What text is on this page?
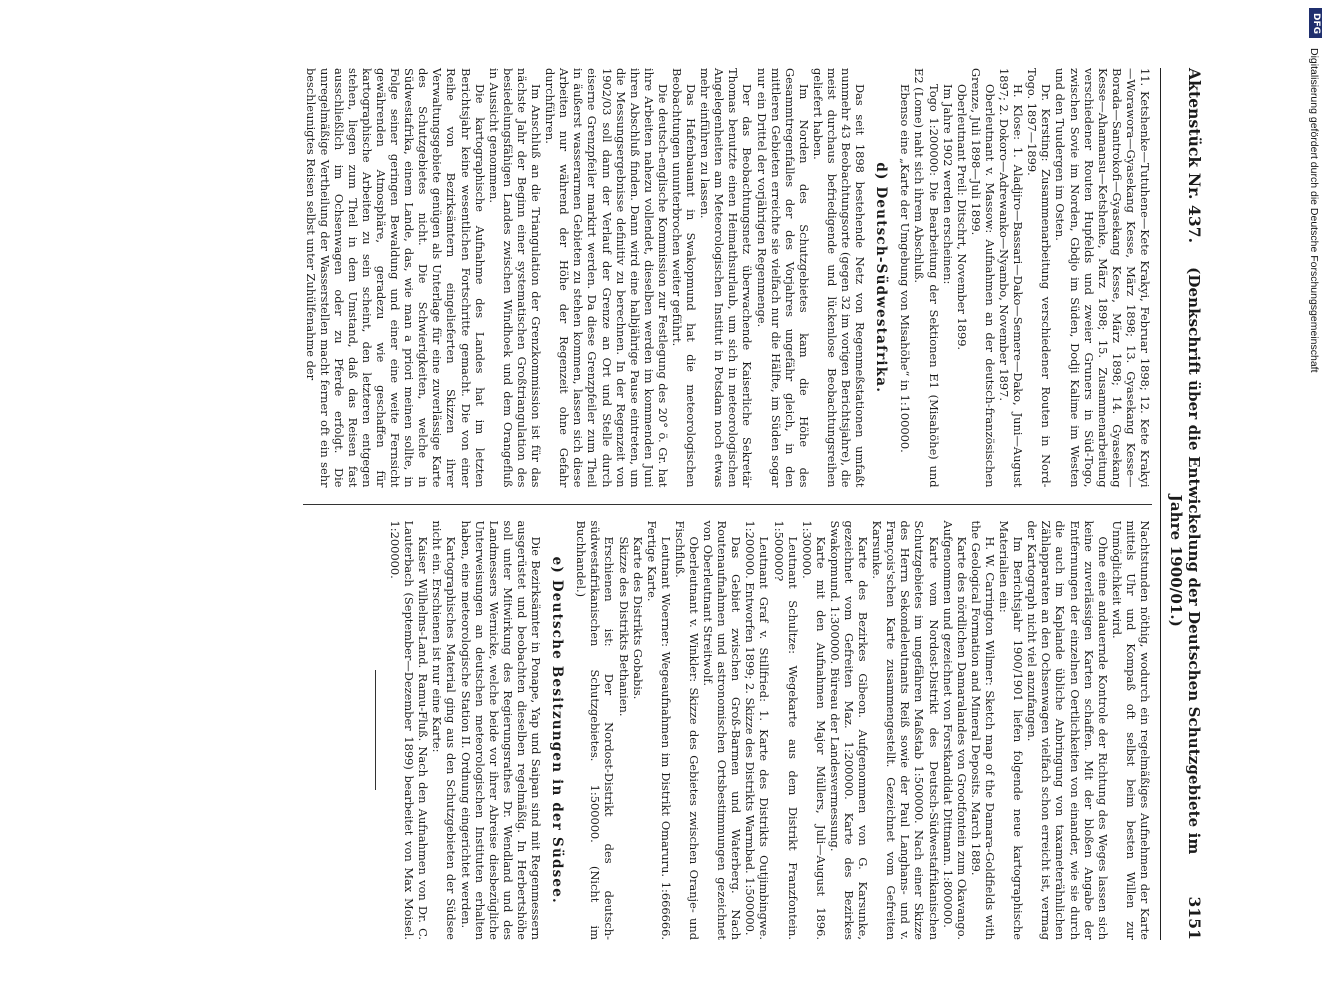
Aktenstück Nr. 437.
(Denkschrift über die Entwickelung der Deutschen Schutzgebiete im Jahre 1900/01.)
3151

11. Ketshenke—Tutuhene—Kete Krakyi, Februar 1898; 12. Kete Krakyi—Worawora—Gyasekang Kesse, März 1898; 13. Gyasekang Kesse—Borada—Santrokofi—Gyasekang Kesse, März 1898; 14. Gyasekang Kesse—Ahamansu—Ketshenke, März 1898; 15. Zusammenarbeitung verschiedener Routen Hupfelds und zweier Gruners in Süd-Togo, zwischen Sovie im Norden, Gbdjo im Süden, Dodji Kalime im Westen und den Tuudergen im Osten.

Dr. Kersting: Zusammenarbeitung verschiedener Routen in Nord-Togo. 1897—1899.

H. Klose: 1. Aladjiro—Bassari—Dako—Semere—Dako, Juni—August 1897; 2. Dokoro—Adrewanko—Nyambo, November 1897.

Oberleutnant v. Massow: Aufnahmen an der deutsch-französischen Grenze, Juli 1898—Juli 1899.

Oberleutnant Preil: Ditschrt, November 1899.

Im Jahre 1902 werden erscheinen:

Togo 1:200000: Die Bearbeitung der Sektionen E1 (Misahöhe) und E2 (Lome) naht sich ihrem Abschluß.

Ebenso eine „Karte der Umgebung von Misahöhe“ in 1:100000.

d) Deutsch-Südwestafrika.

Das seit 1898 bestehende Netz von Regenmeßstationen umfaßt nunmehr 43 Beobachtungsorte (gegen 32 im vorigen Berichtsjahre), die meist durchaus befriedigende und lückenlose Beobachtungsreihen geliefert haben.

Im Norden des Schutzgebietes kam die Höhe des Gesammtregenfalles der des Vorjahres ungefähr gleich, in den mittleren Gebieten erreichte sie vielfach nur die Hälfte, im Süden sogar nur ein Drittel der vorjährigen Regenmenge.

Der das Beobachtungsnetz überwachende Kaiserliche Sekretär Thomas benutzte einen Heimathsurlaub, um sich in meteorologischen Angelegenheiten am Meteorologischen Institut in Potsdam noch etwas mehr einführen zu lassen.

Das Hafenbauamt in Swakopmund hat die meteorologischen Beobachtungen ununterbrochen weiter geführt.

Die deutsch-englische Kommission zur Festlegung des 20° ö. Gr. hat ihre Arbeiten nahezu vollendet, dieselben werden im kommenden Juni ihren Abschluß finden. Dann wird eine halbjährige Pause eintreten, um die Messungsergebnisse definitiv zu berechnen. In der Regenzeit von 1902/03 soll dann der Verlauf der Grenze an Ort und Stelle durch eiserne Grenzpfeiler markirt werden. Da diese Grenzpfeiler zum Theil in äußerst wasserarmen Gebieten zu stehen kommen, lassen sich diese Arbeiten nur während der Höhe der Regenzeit ohne Gefahr durchführen.

Im Anschluß an die Triangulation der Grenzkommission ist für das nächste Jahr der Beginn einer systematischen Großtriangulation des besiedelungsfähigen Landes zwischen Windhoek und dem Orangefluß in Aussicht genommen.

Die kartographische Aufnahme des Landes hat im letzten Berichtsjahr keine wesentlichen Fortschritte gemacht. Die von einer Reihe von Bezirksämtern eingelieferten Skizzen ihrer Verwaltungsgebiete genügen als Unterlage für eine zuverlässige Karte des Schutzgebietes nicht. Die Schwierigkeiten, welche in Südwestafrika, einem Lande, das, wie man a priori meinen sollte, in Folge seiner geringen Bewaldung und einer eine weite Fernsicht gewährenden Atmosphäre, geradezu wie geschaffen für kartographische Arbeiten zu sein scheint, den letzteren entgegen stehen, liegen zum Theil in dem Umstand, daß das Reisen fast ausschließlich im Ochsenwagen oder zu Pferde erfolgt. Die unregelmäßige Vertheilung der Wasserstellen macht ferner oft ein sehr beschleunigtes Reisen selbst unter Zuhülfenahme der

Nachtstunden nöthig, wodurch ein regelmäßiges Aufnehmen der Karte mittels Uhr und Kompaß oft selbst beim besten Willen zur Unmöglichkeit wird.

Ohne eine andauernde Kontrole der Richtung des Weges lassen sich keine zuverlässigen Karten schaffen. Mit der bloßen Angabe der Entfernungen der einzelnen Oertlichkeiten von einander, wie sie durch die auch im Kaplande übliche Anbringung von taxameterähnlichen Zählapparaten an den Ochsenwagen vielfach schon erreicht ist, vermag der Kartograph nicht viel anzufangen.

Im Berichtsjahr 1900/1901 liefen folgende neue kartographische Materialien ein:

H. W. Carrington Wilmer: Sketch map of the Damara-Goldfields with the Geological Formation and Mineral Deposits. March 1889.

Karte des nördlichen Damaralandes von Grootfontein zum Okavango. Aufgenommen und gezeichnet von Forstkandidat Dittmann. 1:800000.

Karte vom Nordost-Distrikt des Deutsch-Südwestafrikanischen Schutzgebietes im ungefähren Maßstab 1:500000. Nach einer Skizze des Herrn Sekondeleutnants Reiß sowie der Paul Langhans- und v. François'schen Karte zusammengestellt. Gezeichnet vom Gefreiten Karsunke.

Karte des Bezirkes Gibeon. Aufgenommen von G. Karsunke, gezeichnet vom Gefreiten Maz. 1:200000. Karte des Bezirkes Swakopmund. 1:300000. Büreau der Landesvermessung.

Karte mit den Aufnahmen Major Müllers, Juli—August 1896. 1:300000.

Leutnant Schultze: Wegekarte aus dem Distrikt Franzfontein. 1:500000?

Leutnant Graf v. Stillfried: 1. Karte des Distrikts Outjimbingwe. 1:200000. Entworfen 1899; 2. Skizze des Distrikts Warmbad. 1:500000.

Das Gebiet zwischen Groß-Barmen und Waterberg. Nach Routenaufnahmen und astronomischen Ortsbestimmungen gezeichnet von Oberleutnant Streitwolf.

Oberleutnant v. Winkler: Skizze des Gebietes zwischen Oranje- und Fischfluß.

Leutnant Woerner: Wegeaufnahmen im Distrikt Omaruru. 1:666666. Fertige Karte.

Karte des Distrikts Gobabis.

Skizze des Distrikts Bethanien.

Erschienen ist: Der Nordost-Distrikt des deutsch-südwestafrikanischen Schutzgebietes. 1:500000. (Nicht im Buchhandel.)

e) Deutsche Besitzungen in der Südsee.

Die Bezirksämter in Ponape, Yap und Saipan sind mit Regenmessern ausgerüstet und beobachten dieselben regelmäßig. In Herbertshöhe soll unter Mitwirkung des Regierungsrathes Dr. Wendland und des Landmessers Wernicke, welche beide vor ihrer Abreise diesbezügliche Unterweisungen an deutschen meteorologischen Instituten erhalten haben, eine meteorologische Station II. Ordnung eingerichtet werden.

Kartographisches Material ging aus den Schutzgebieten der Südsee nicht ein. Erschienen ist nur eine Karte:

Kaiser Wilhelms-Land. Ramu-Fluß. Nach den Aufnahmen von Dr. C. Lauterbach (September—Dezember 1899) bearbeitet von Max Moisel. 1:200000.

DFG
Digitalisierung gefördert durch die Deutsche Forschungsgemeinschaft
